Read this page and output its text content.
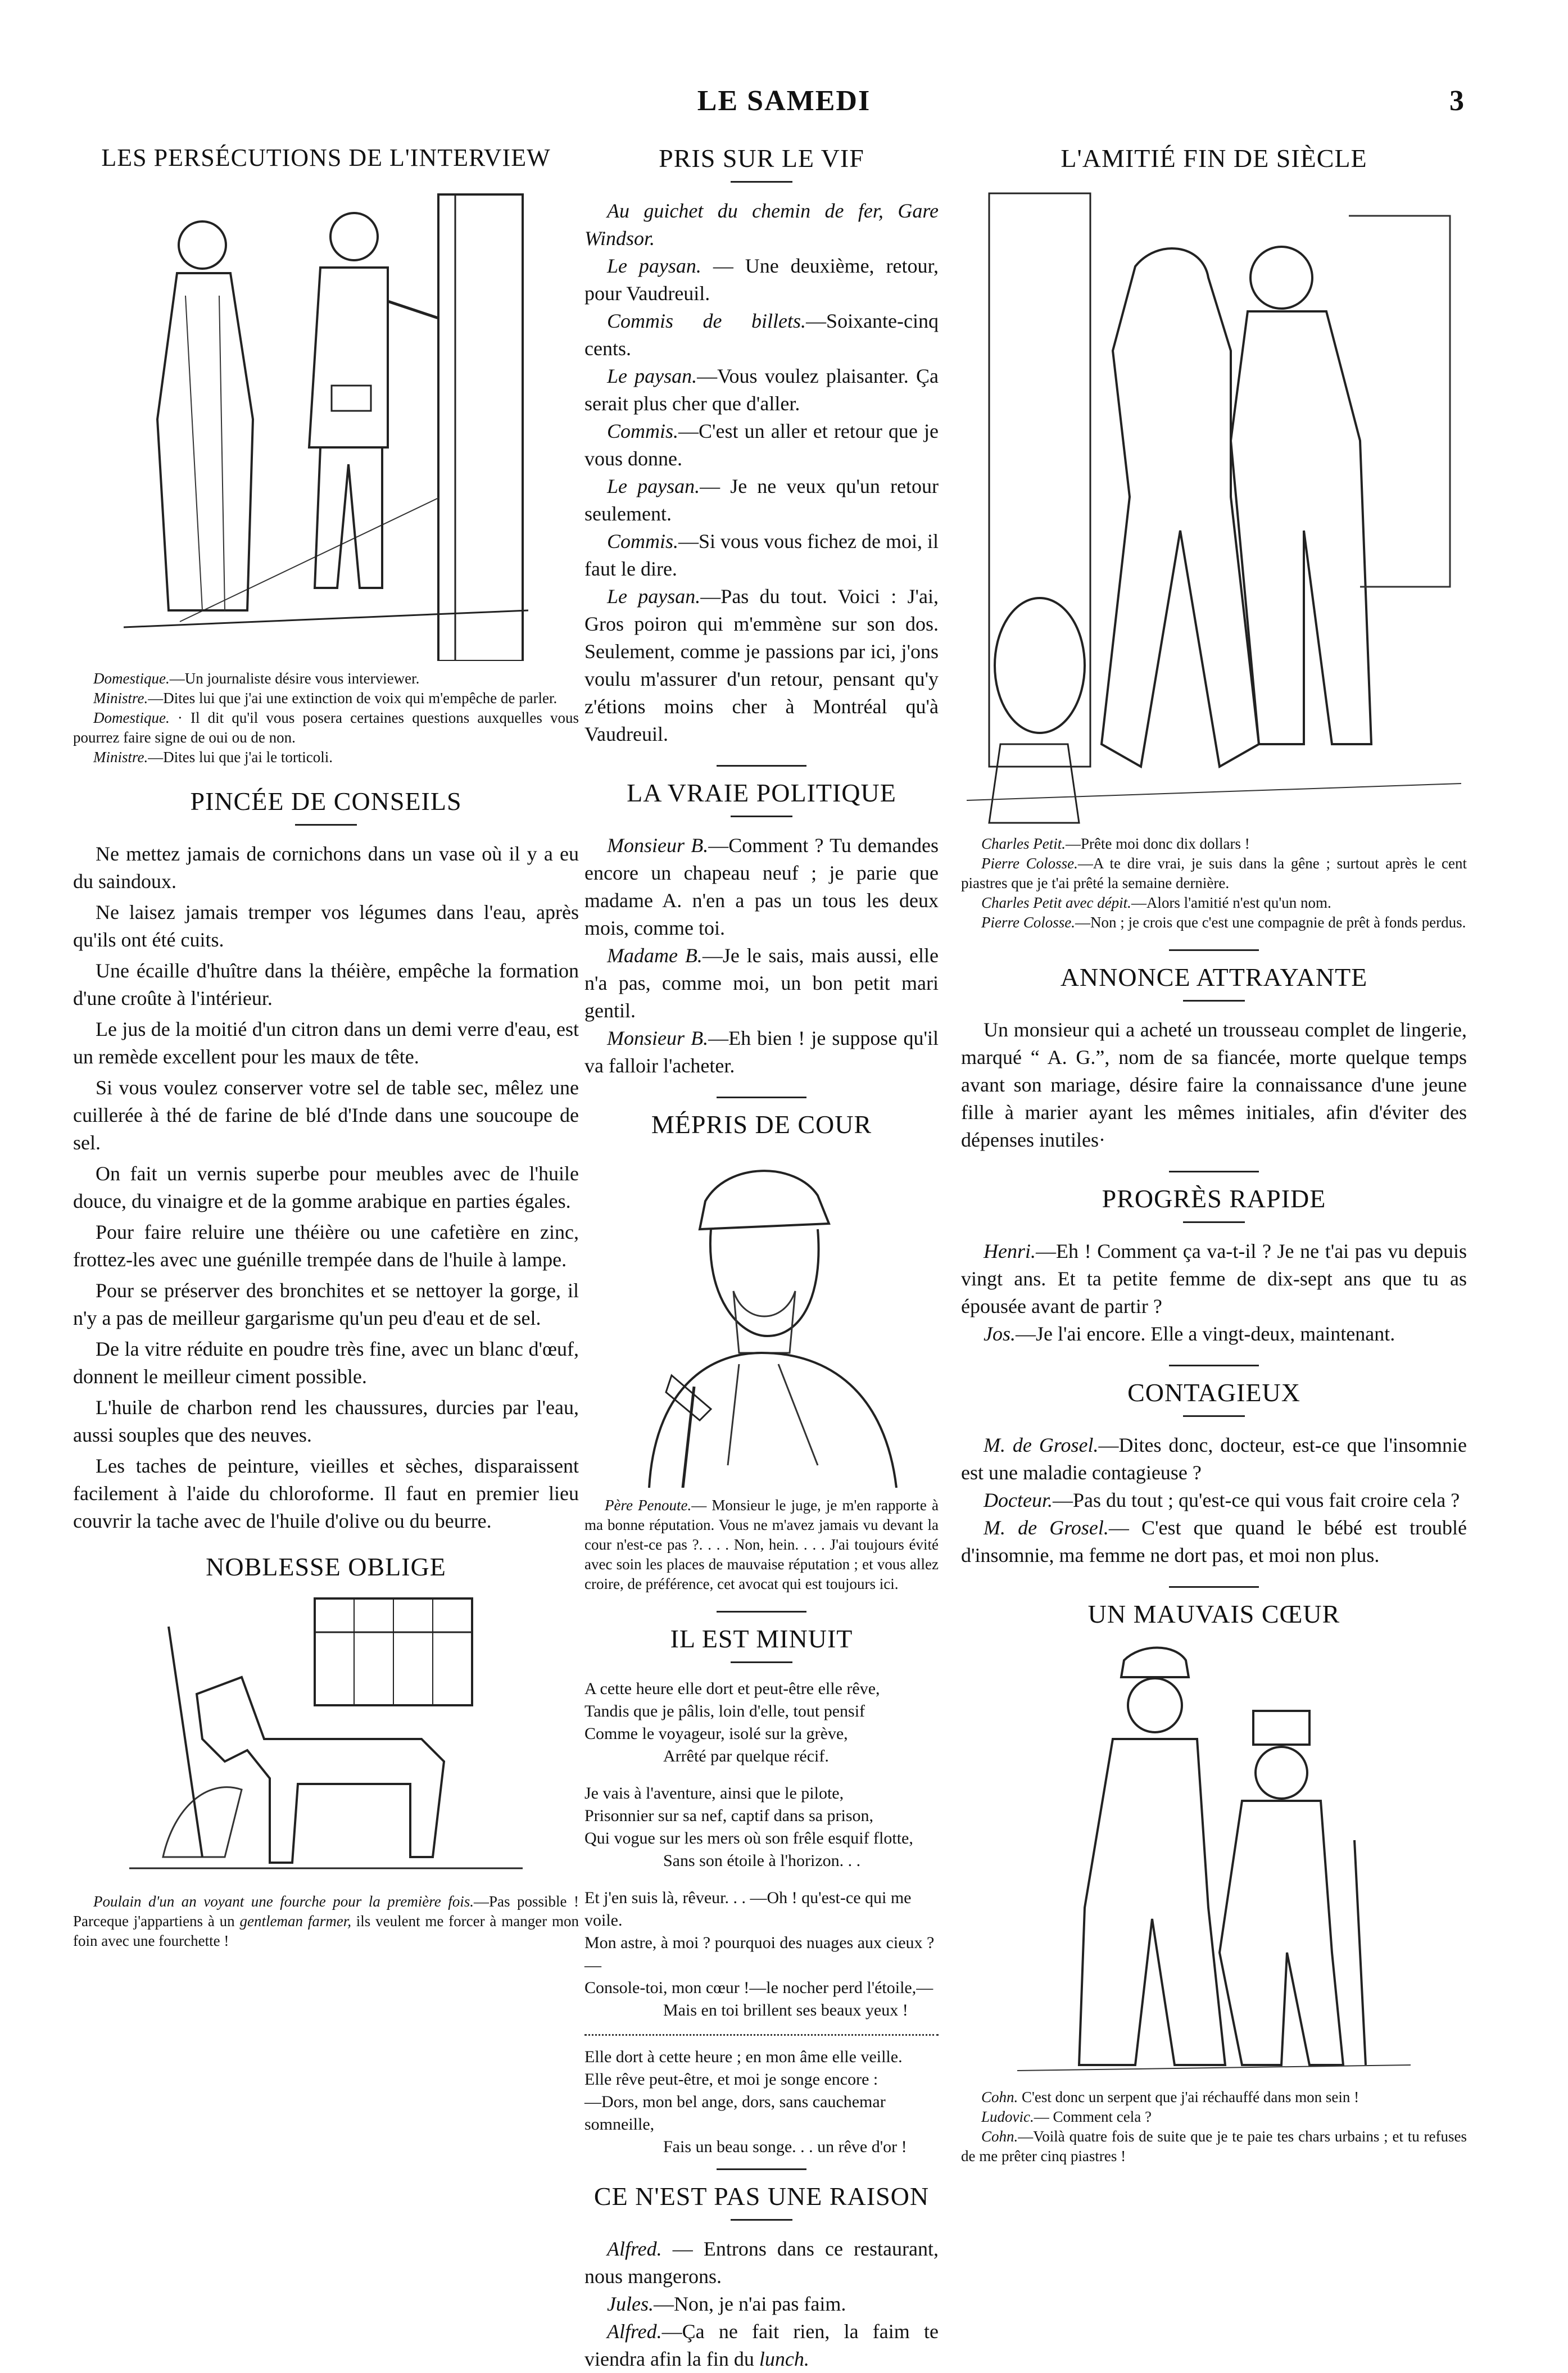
LE SAMEDI	3
LES PERSÉCUTIONS DE L'INTERVIEW

Domestique.—Un journaliste désire vous interviewer.

Ministre.—Dites lui que j'ai une extinction de voix qui m'empêche de parler.

Domestique. · Il dit qu'il vous posera certaines questions auxquelles vous pourrez faire signe de oui ou de non.

Ministre.—Dites lui que j'ai le torticoli.

PINCÉE DE CONSEILS

Ne mettez jamais de cornichons dans un vase où il y a eu du saindoux.

Ne laisez jamais tremper vos légumes dans l'eau, après qu'ils ont été cuits.

Une écaille d'huître dans la théière, empêche la formation d'une croûte à l'intérieur.

Le jus de la moitié d'un citron dans un demi verre d'eau, est un remède excellent pour les maux de tête.

Si vous voulez conserver votre sel de table sec, mêlez une cuillerée à thé de farine de blé d'Inde dans une soucoupe de sel.

On fait un vernis superbe pour meubles avec de l'huile douce, du vinaigre et de la gomme arabique en parties égales.

Pour faire reluire une théière ou une cafetière en zinc, frottez-les avec une guénille trempée dans de l'huile à lampe.

Pour se préserver des bronchites et se nettoyer la gorge, il n'y a pas de meilleur gargarisme qu'un peu d'eau et de sel.

De la vitre réduite en poudre très fine, avec un blanc d'œuf, donnent le meilleur ciment possible.

L'huile de charbon rend les chaussures, durcies par l'eau, aussi souples que des neuves.

Les taches de peinture, vieilles et sèches, disparaissent facilement à l'aide du chloroforme. Il faut en premier lieu couvrir la tache avec de l'huile d'olive ou du beurre.

NOBLESSE OBLIGE

Poulain d'un an voyant une fourche pour la première fois.—Pas possible ! Parceque j'appartiens à un gentleman farmer, ils veulent me forcer à manger mon foin avec une fourchette !

PRIS SUR LE VIF

Au guichet du chemin de fer, Gare Windsor.

Le paysan. — Une deuxième, retour, pour Vaudreuil.

Commis de billets.—Soixante-cinq cents.

Le paysan.—Vous voulez plaisanter. Ça serait plus cher que d'aller.

Commis.—C'est un aller et retour que je vous donne.

Le paysan.— Je ne veux qu'un retour seulement.

Commis.—Si vous vous fichez de moi, il faut le dire.

Le paysan.—Pas du tout. Voici : J'ai, Gros poiron qui m'emmène sur son dos. Seulement, comme je passions par ici, j'ons voulu m'assurer d'un retour, pensant qu'y z'étions moins cher à Montréal qu'à Vaudreuil.

LA VRAIE POLITIQUE

Monsieur B.—Comment ? Tu demandes encore un chapeau neuf ; je parie que madame A. n'en a pas un tous les deux mois, comme toi.

Madame B.—Je le sais, mais aussi, elle n'a pas, comme moi, un bon petit mari gentil.

Monsieur B.—Eh bien ! je suppose qu'il va falloir l'acheter.

MÉPRIS DE COUR

Père Penoute.— Monsieur le juge, je m'en rapporte à ma bonne réputation. Vous ne m'avez jamais vu devant la cour n'est-ce pas ?. . . . Non, hein. . . . J'ai toujours évité avec soin les places de mauvaise réputation ; et vous allez croire, de préférence, cet avocat qui est toujours ici.

IL EST MINUIT
A cette heure elle dort et peut-être elle rêve,
Tandis que je pâlis, loin d'elle, tout pensif
Comme le voyageur, isolé sur la grève,
Arrêté par quelque récif.
Je vais à l'aventure, ainsi que le pilote,
Prisonnier sur sa nef, captif dans sa prison,
Qui vogue sur les mers où son frêle esquif flotte,
Sans son étoile à l'horizon. . .
Et j'en suis là, rêveur. . . —Oh ! qu'est-ce qui me voile.
Mon astre, à moi ? pourquoi des nuages aux cieux ?—
Console-toi, mon cœur !—le nocher perd l'étoile,—
Mais en toi brillent ses beaux yeux !
Elle dort à cette heure ; en mon âme elle veille.
Elle rêve peut-être, et moi je songe encore :
—Dors, mon bel ange, dors, sans cauchemar somneille,
Fais un beau songe. . . un rêve d'or !
CE N'EST PAS UNE RAISON

Alfred. — Entrons dans ce restaurant, nous mangerons.

Jules.—Non, je n'ai pas faim.

Alfred.—Ça ne fait rien, la faim te viendra afin la fin du lunch.

L'AMITIÉ FIN DE SIÈCLE

Charles Petit.—Prête moi donc dix dollars !

Pierre Colosse.—A te dire vrai, je suis dans la gêne ; surtout après le cent piastres que je t'ai prêté la semaine dernière.

Charles Petit avec dépit.—Alors l'amitié n'est qu'un nom.

Pierre Colosse.—Non ; je crois que c'est une compagnie de prêt à fonds perdus.

ANNONCE ATTRAYANTE

Un monsieur qui a acheté un trousseau complet de lingerie, marqué “ A. G.”, nom de sa fiancée, morte quelque temps avant son mariage, désire faire la connaissance d'une jeune fille à marier ayant les mêmes initiales, afin d'éviter des dépenses inutiles·

PROGRÈS RAPIDE

Henri.—Eh ! Comment ça va-t-il ? Je ne t'ai pas vu depuis vingt ans. Et ta petite femme de dix-sept ans que tu as épousée avant de partir ?

Jos.—Je l'ai encore. Elle a vingt-deux, maintenant.

CONTAGIEUX

M. de Grosel.—Dites donc, docteur, est-ce que l'insomnie est une maladie contagieuse ?

Docteur.—Pas du tout ; qu'est-ce qui vous fait croire cela ?

M. de Grosel.— C'est que quand le bébé est troublé d'insomnie, ma femme ne dort pas, et moi non plus.

UN MAUVAIS CŒUR

Cohn. C'est donc un serpent que j'ai réchauffé dans mon sein !

Ludovic.— Comment cela ?

Cohn.—Voilà quatre fois de suite que je te paie tes chars urbains ; et tu refuses de me prêter cinq piastres !
